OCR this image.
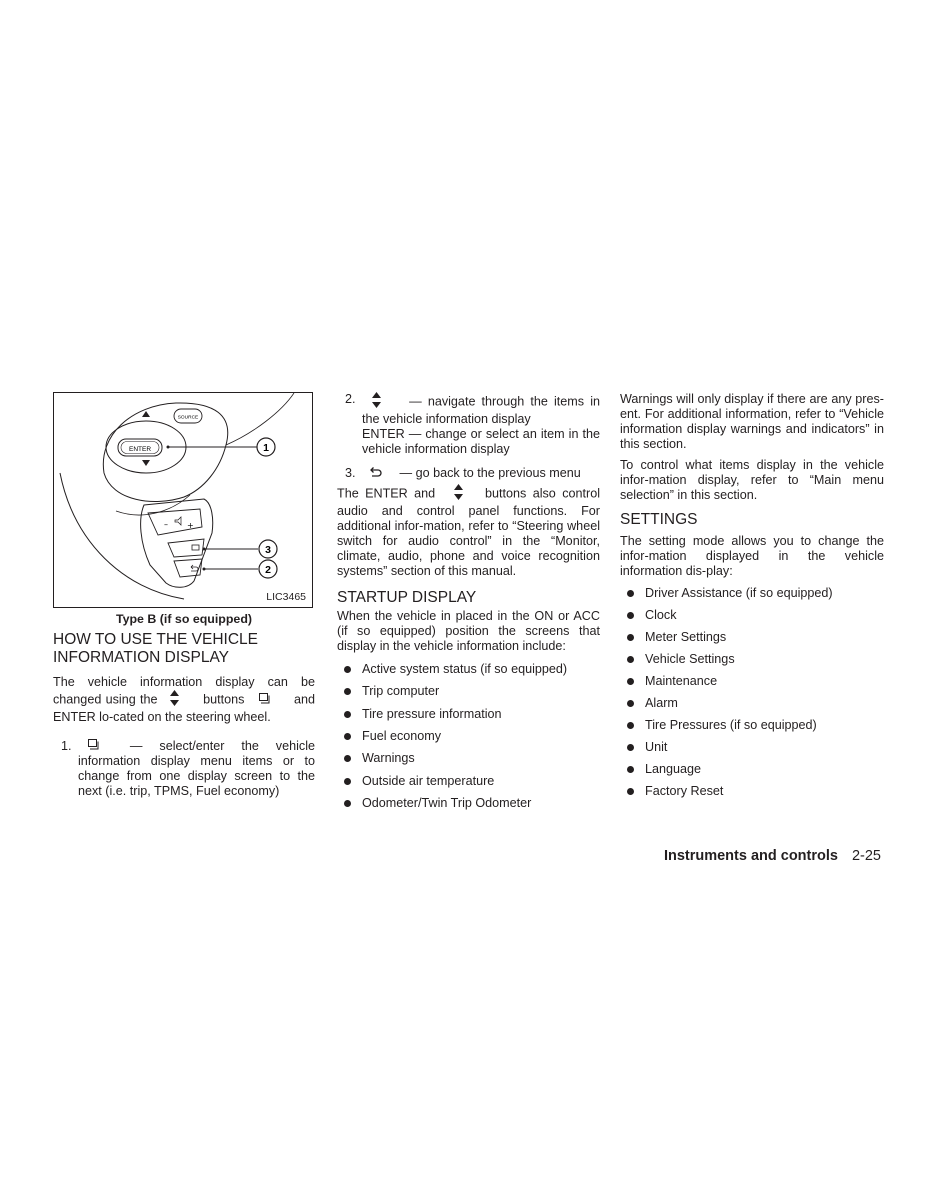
ENTER
SOURCE
– +
1
3
2
LIC3465
Type B (if so equipped)
HOW TO USE THE VEHICLE
INFORMATION DISPLAY

The vehicle information display can be changed using the	buttons	and ENTER lo-cated on the steering wheel.

1.	— select/enter the vehicle information display menu items or to change from one display screen to the next (i.e. trip, TPMS, Fuel economy)
2.	— navigate through the items in the vehicle information display
ENTER — change or select an item in the vehicle information display
3.	— go back to the previous menu

The ENTER and	buttons also control audio and control panel functions. For additional infor-mation, refer to “Steering wheel switch for audio control” in the “Monitor, climate, audio, phone and voice recognition systems” section of this manual.

STARTUP DISPLAY

When the vehicle in placed in the ON or ACC (if so equipped) position the screens that display in the vehicle information include:

Active system status (if so equipped)
Trip computer
Tire pressure information
Fuel economy
Warnings
Outside air temperature
Odometer/Twin Trip Odometer

Warnings will only display if there are any pres-ent. For additional information, refer to “Vehicle information display warnings and indicators” in this section.

To control what items display in the vehicle infor-mation display, refer to “Main menu selection” in this section.

SETTINGS

The setting mode allows you to change the infor-mation displayed in the vehicle information dis-play:

Driver Assistance (if so equipped)
Clock
Meter Settings
Vehicle Settings
Maintenance
Alarm
Tire Pressures (if so equipped)
Unit
Language
Factory Reset
Instruments and controls 2-25
